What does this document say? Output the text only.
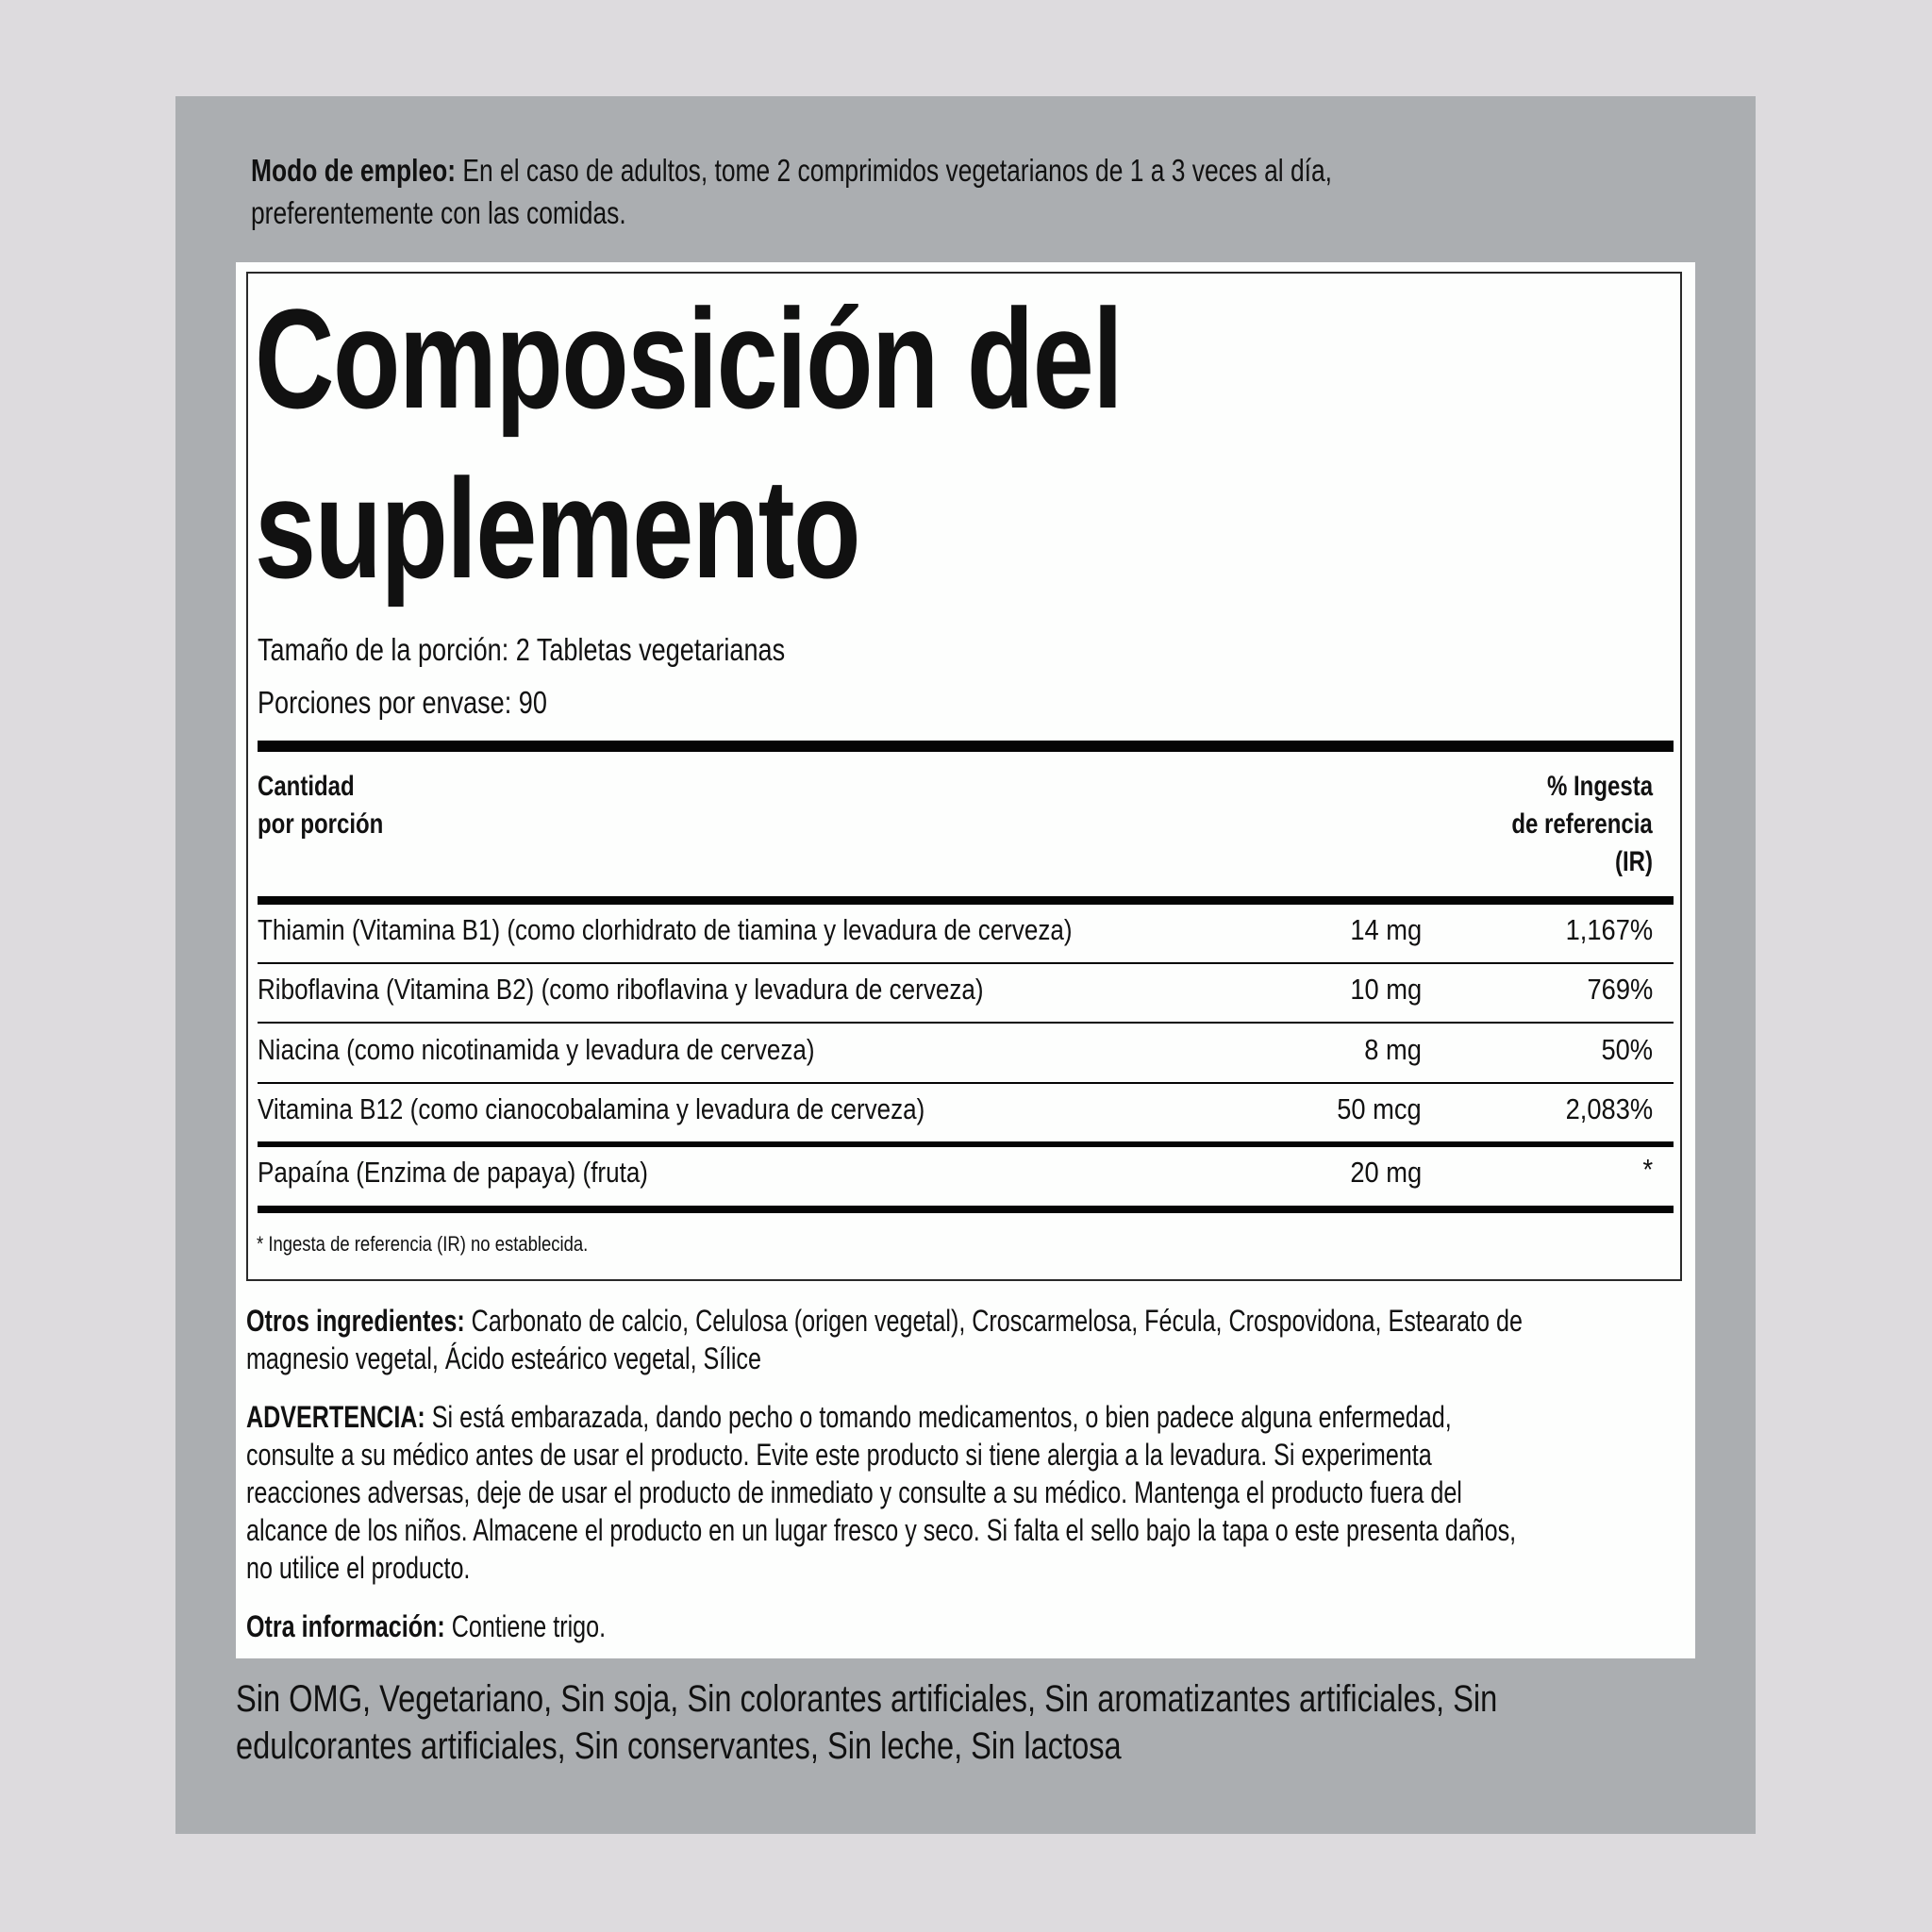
Modo de empleo: En el caso de adultos, tome 2 comprimidos vegetarianos de 1 a 3 veces al día,
preferentemente con las comidas.
Composición del
suplemento
Tamaño de la porción: 2 Tabletas vegetarianas
Porciones por envase: 90
Cantidad
por porción
% Ingesta
de referencia
(IR)
Thiamin (Vitamina B1) (como clorhidrato de tiamina y levadura de cerveza)	14 mg	1,167%
Riboflavina (Vitamina B2) (como riboflavina y levadura de cerveza)	10 mg	769%
Niacina (como nicotinamida y levadura de cerveza)	8 mg	50%
Vitamina B12 (como cianocobalamina y levadura de cerveza)	50 mcg	2,083%
Papaína (Enzima de papaya) (fruta)	20 mg	*
* Ingesta de referencia (IR) no establecida.
Otros ingredientes: Carbonato de calcio, Celulosa (origen vegetal), Croscarmelosa, Fécula, Crospovidona, Estearato de
magnesio vegetal, Ácido esteárico vegetal, Sílice
ADVERTENCIA: Si está embarazada, dando pecho o tomando medicamentos, o bien padece alguna enfermedad,
consulte a su médico antes de usar el producto. Evite este producto si tiene alergia a la levadura. Si experimenta
reacciones adversas, deje de usar el producto de inmediato y consulte a su médico. Mantenga el producto fuera del
alcance de los niños. Almacene el producto en un lugar fresco y seco. Si falta el sello bajo la tapa o este presenta daños,
no utilice el producto.
Otra información: Contiene trigo.
Sin OMG, Vegetariano, Sin soja, Sin colorantes artificiales, Sin aromatizantes artificiales, Sin
edulcorantes artificiales, Sin conservantes, Sin leche, Sin lactosa
